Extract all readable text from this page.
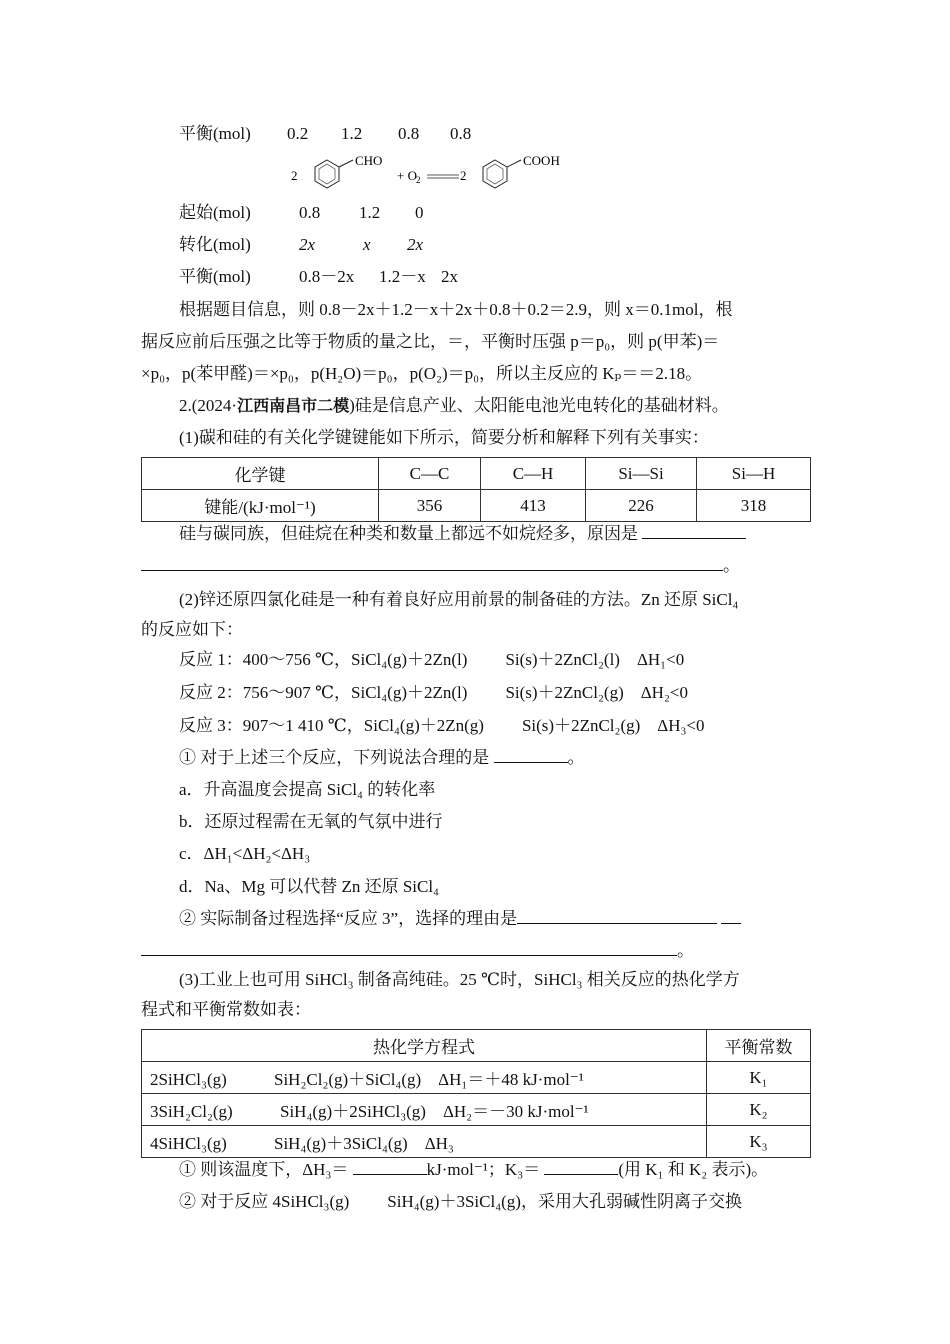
平衡(mol) 0.2 1.2 0.8 0.8
2
CHO
+ O 2	2
COOH
起始(mol)	0.8 1.2 0
转化(mol)	2x	x 2x
平衡(mol)	0.8－2x 1.2－x 2x
根据题目信息，则 0.8－2x＋1.2－x＋2x＋0.8＋0.2＝2.9，则 x＝0.1mol，根
据反应前后压强之比等于物质的量之比，＝，平衡时压强 p＝p₀，则 p(甲苯)＝
×p₀，p(苯甲醛)＝×p₀，p(H₂O)＝p₀，p(O₂)＝p₀，所以主反应的 Kₚ＝＝2.18。
2.(2024·江西南昌市二模)硅是信息产业、太阳能电池光电转化的基础材料。
(1)碳和硅的有关化学键键能如下所示，简要分析和解释下列有关事实：
化学键	C—C	C—H	Si—Si	Si—H
键能/(kJ·mol⁻¹)	356	413	226	318
硅与碳同族，但硅烷在种类和数量上都远不如烷烃多，原因是
。
(2)锌还原四氯化硅是一种有着良好应用前景的制备硅的方法。Zn 还原 SiCl₄
的反应如下：
反应 1：400～756 ℃，SiCl₄(g)＋2Zn(l) Si(s)＋2ZnCl₂(l)　ΔH₁<0
反应 2：756～907 ℃，SiCl₄(g)＋2Zn(l) Si(s)＋2ZnCl₂(g)　ΔH₂<0
反应 3：907～1 410 ℃，SiCl₄(g)＋2Zn(g) Si(s)＋2ZnCl₂(g)　ΔH₃<0
① 对于上述三个反应，下列说法合理的是	。
a．升高温度会提高 SiCl₄ 的转化率
b．还原过程需在无氧的气氛中进行
c．ΔH₁<ΔH₂<ΔH₃
d．Na、Mg 可以代替 Zn 还原 SiCl₄
② 实际制备过程选择“反应 3”，选择的理由是
。
(3)工业上也可用 SiHCl₃ 制备高纯硅。25 ℃时，SiHCl₃ 相关反应的热化学方
程式和平衡常数如表：
热化学方程式	平衡常数
2SiHCl₃(g) SiH₂Cl₂(g)＋SiCl₄(g)　ΔH₁＝＋48 kJ·mol⁻¹	K₁
3SiH₂Cl₂(g) SiH₄(g)＋2SiHCl₃(g)　ΔH₂＝－30 kJ·mol⁻¹	K₂
4SiHCl₃(g) SiH₄(g)＋3SiCl₄(g)　ΔH₃	K₃
① 则该温度下，ΔH₃＝	kJ·mol⁻¹；K₃＝	(用 K₁ 和 K₂ 表示)。
② 对于反应 4SiHCl₃(g) SiH₄(g)＋3SiCl₄(g)，采用大孔弱碱性阴离子交换
